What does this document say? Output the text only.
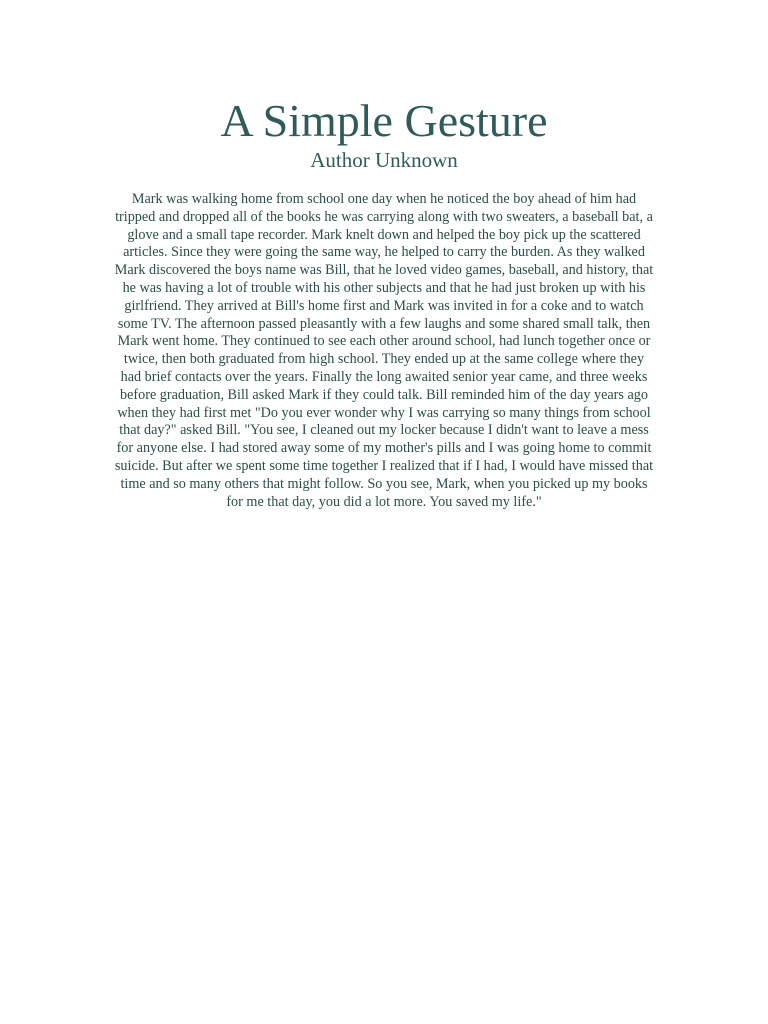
A Simple Gesture
Author Unknown

Mark was walking home from school one day when he noticed the boy ahead of him had tripped and dropped all of the books he was carrying along with two sweaters, a baseball bat, a glove and a small tape recorder. Mark knelt down and helped the boy pick up the scattered articles. Since they were going the same way, he helped to carry the burden. As they walked Mark discovered the boys name was Bill, that he loved video games, baseball, and history, that he was having a lot of trouble with his other subjects and that he had just broken up with his girlfriend. They arrived at Bill's home first and Mark was invited in for a coke and to watch some TV. The afternoon passed pleasantly with a few laughs and some shared small talk, then Mark went home. They continued to see each other around school, had lunch together once or twice, then both graduated from high school. They ended up at the same college where they had brief contacts over the years. Finally the long awaited senior year came, and three weeks before graduation, Bill asked Mark if they could talk. Bill reminded him of the day years ago when they had first met "Do you ever wonder why I was carrying so many things from school that day?" asked Bill. "You see, I cleaned out my locker because I didn't want to leave a mess for anyone else. I had stored away some of my mother's pills and I was going home to commit suicide. But after we spent some time together I realized that if I had, I would have missed that time and so many others that might follow. So you see, Mark, when you picked up my books for me that day, you did a lot more. You saved my life."
